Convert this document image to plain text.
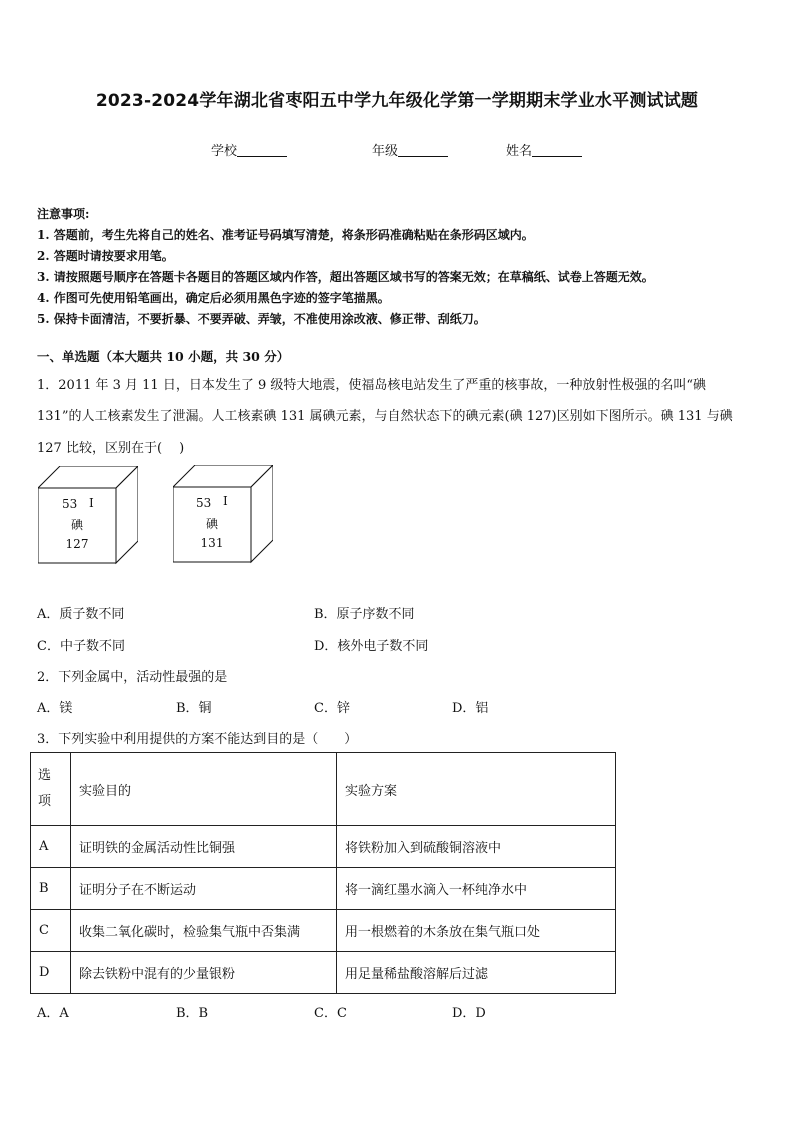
2023-2024学年湖北省枣阳五中学九年级化学第一学期期末学业水平测试试题
学校	年级	姓名
注意事项:
1. 答题前，考生先将自己的姓名、准考证号码填写清楚，将条形码准确粘贴在条形码区域内。
2. 答题时请按要求用笔。
3. 请按照题号顺序在答题卡各题目的答题区域内作答，超出答题区域书写的答案无效；在草稿纸、试卷上答题无效。
4. 作图可先使用铅笔画出，确定后必须用黑色字迹的签字笔描黑。
5. 保持卡面清洁，不要折暴、不要弄破、弄皱，不准使用涂改液、修正带、刮纸刀。
一、单选题（本大题共 10 小题，共 30 分）
1．2011 年 3 月 11 日，日本发生了 9 级特大地震，使福岛核电站发生了严重的核事故，一种放射性极强的名叫“碘
131”的人工核素发生了泄漏。人工核素碘 131 属碘元素，与自然状态下的碘元素(碘 127)区别如下图所示。碘 131 与碘
127 比较，区别在于(　 )
53 I
碘
127
53 I
碘
131
A．质子数不同	B．原子序数不同
C．中子数不同	D．核外电子数不同
2．下列金属中，活动性最强的是
A．镁	B．铜	C．锌	D．铝
3．下列实验中利用提供的方案不能达到目的是（　　）
选项	实验目的	实验方案
A	证明铁的金属活动性比铜强	将铁粉加入到硫酸铜溶液中
B	证明分子在不断运动	将一滴红墨水滴入一杯纯净水中
C	收集二氧化碳时，检验集气瓶中否集满	用一根燃着的木条放在集气瓶口处
D	除去铁粉中混有的少量银粉	用足量稀盐酸溶解后过滤
A．A	B．B	C．C	D．D
